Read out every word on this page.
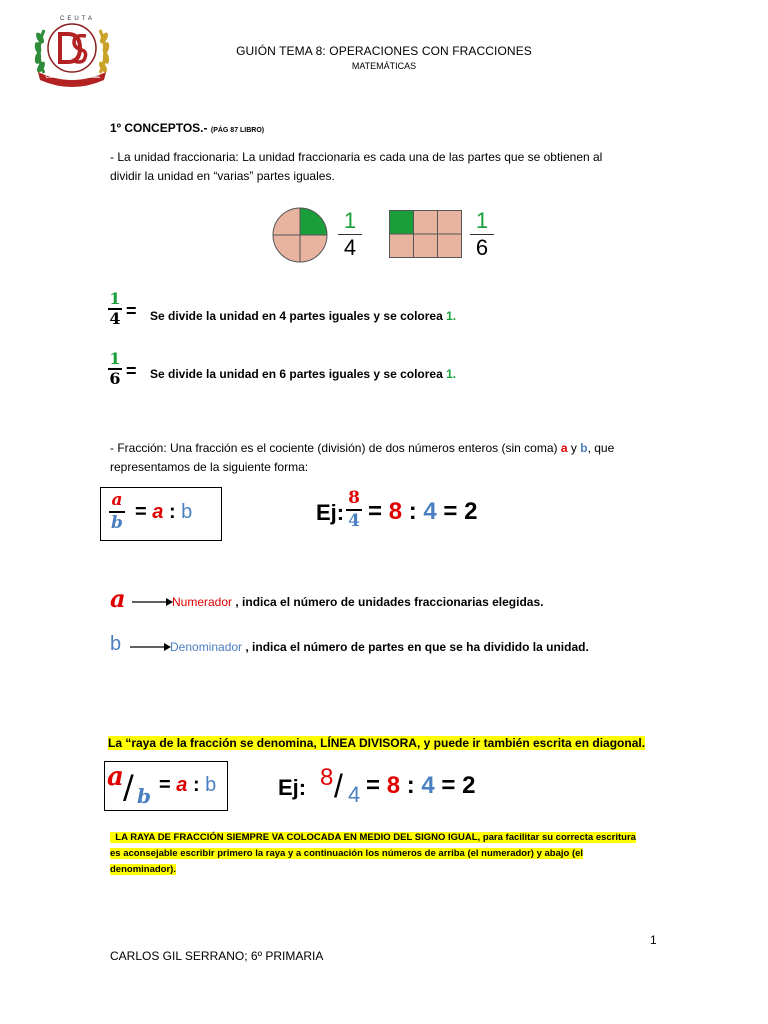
CEUTA
COLEGIO SAN DANIEL
GUIÓN TEMA 8: OPERACIONES CON FRACCIONES
MATEMÁTICAS
1º CONCEPTOS.- (PÁG 87 LIBRO)
- La unidad fraccionaria: La unidad fraccionaria es cada una de las partes que se obtienen al
dividir la unidad en “varias” partes iguales.
1
4
1
6
1
4 = Se divide la unidad en 4 partes iguales y se colorea 1.
1
6 = Se divide la unidad en 6 partes iguales y se colorea 1.
- Fracción: Una fracción es el cociente (división) de dos números enteros (sin coma) a y b, que
representamos de la siguiente forma:
a
b = a : b	Ej:
8
4 = 8 : 4 = 2
a	Numerador , indica el número de unidades fraccionarias elegidas.
b	Denominador , indica el número de partes en que se ha dividido la unidad.
La “raya de la fracción se denomina, LÍNEA DIVISORA, y puede ir también escrita en diagonal.
a / b = a : b	Ej: 8 / 4 = 8 : 4 = 2
LA RAYA DE FRACCIÓN SIEMPRE VA COLOCADA EN MEDIO DEL SIGNO IGUAL, para facilitar su correcta escritura
es aconsejable escribir primero la raya y a continuación los números de arriba (el numerador) y abajo (el
denominador).
1
CARLOS GIL SERRANO; 6º PRIMARIA
